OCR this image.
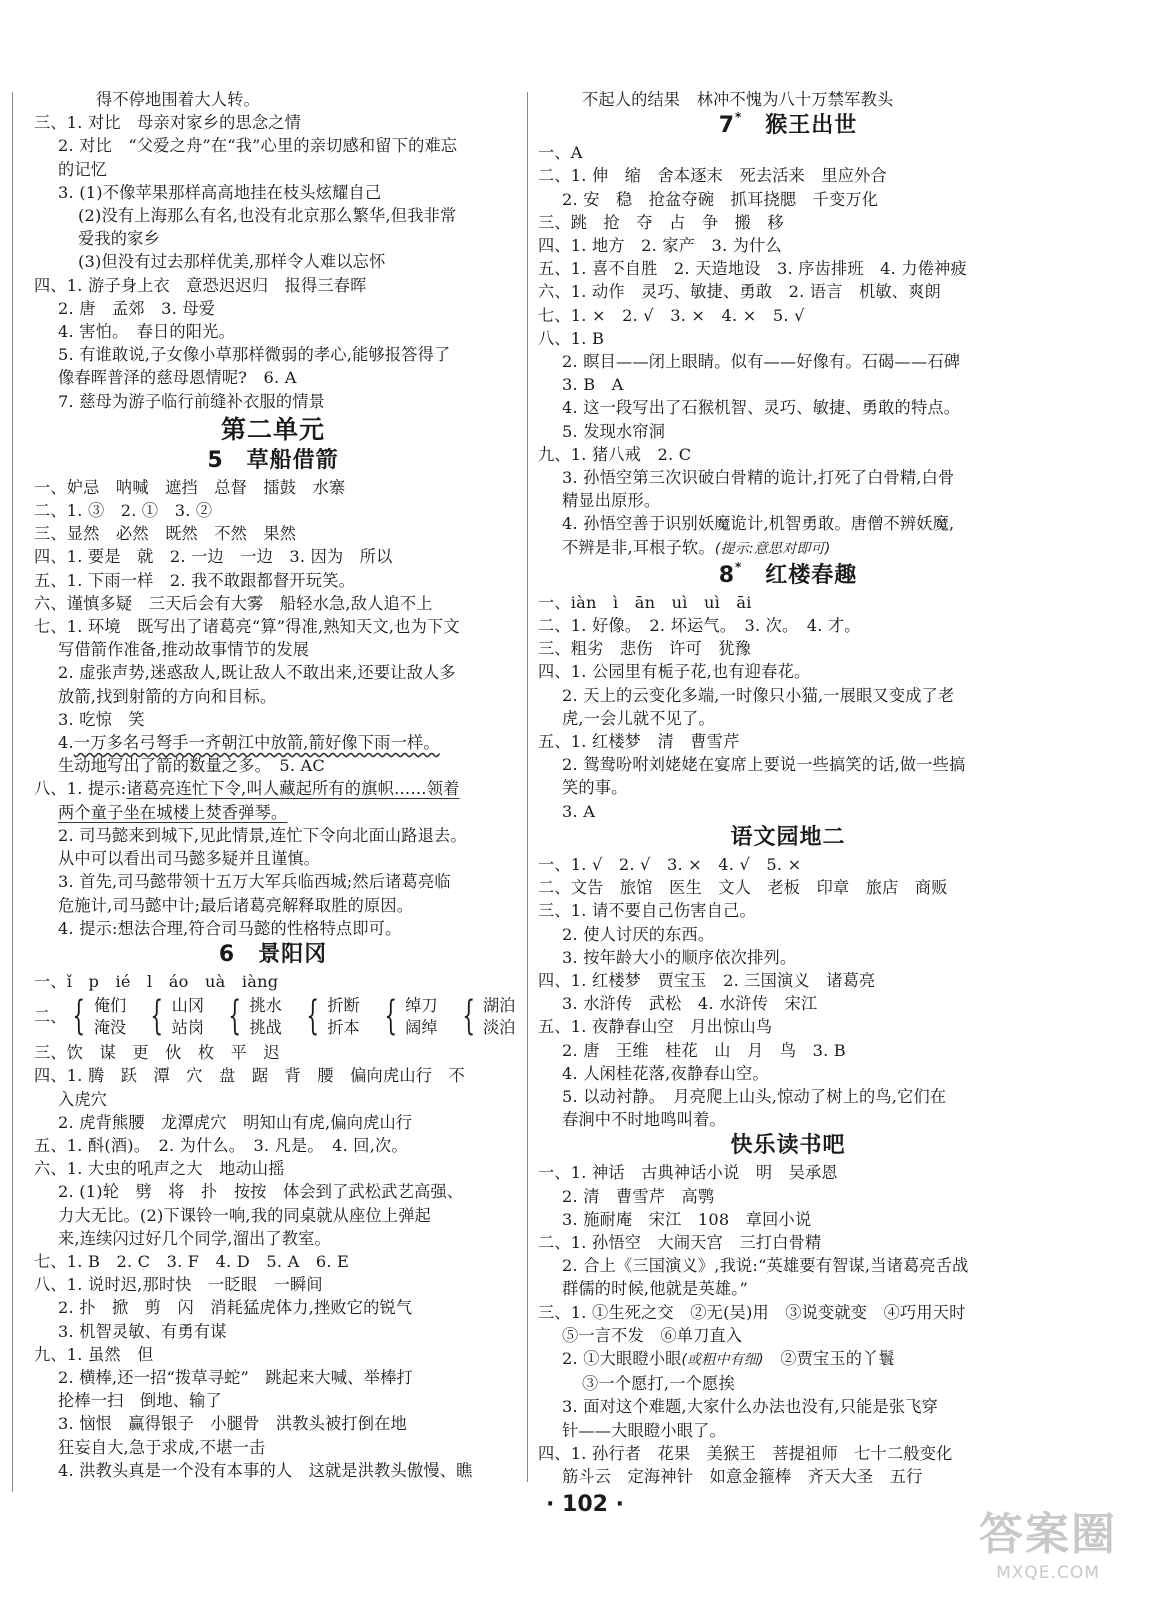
得不停地围着大人转。
三、1. 对比　母亲对家乡的思念之情
2. 对比　“父爱之舟”在“我”心里的亲切感和留下的难忘
的记忆
3. (1)不像苹果那样高高地挂在枝头炫耀自己
(2)没有上海那么有名,也没有北京那么繁华,但我非常
爱我的家乡
(3)但没有过去那样优美,那样令人难以忘怀
四、1. 游子身上衣　意恐迟迟归　报得三春晖
2. 唐　孟郊　3. 母爱
4. 害怕。　春日的阳光。
5. 有谁敢说,子女像小草那样微弱的孝心,能够报答得了
像春晖普泽的慈母恩情呢?　6. A
7. 慈母为游子临行前缝补衣服的情景
第二单元
5　草船借箭
一、妒忌　呐喊　遮挡　总督　擂鼓　水寨
二、1. ③　2. ①　3. ②
三、显然　必然　既然　不然　果然
四、1. 要是　就　2. 一边　一边　3. 因为　所以
五、1. 下雨一样　2. 我不敢跟都督开玩笑。
六、谨慎多疑　三天后会有大雾　船轻水急,敌人追不上
七、1. 环境　既写出了诸葛亮“算”得准,熟知天文,也为下文
写借箭作准备,推动故事情节的发展
2. 虚张声势,迷惑敌人,既让敌人不敢出来,还要让敌人多
放箭,找到射箭的方向和目标。
3. 吃惊　笑
4.一万多名弓弩手一齐朝江中放箭,箭好像下雨一样。
生动地写出了箭的数量之多。　5. AC
八、1. 提示:诸葛亮连忙下令,叫人藏起所有的旗帜……领着
两个童子坐在城楼上焚香弹琴。
2. 司马懿来到城下,见此情景,连忙下令向北面山路退去。
从中可以看出司马懿多疑并且谨慎。
3. 首先,司马懿带领十五万大军兵临西城;然后诸葛亮临
危施计,司马懿中计;最后诸葛亮解释取胜的原因。
4. 提示:想法合理,符合司马懿的性格特点即可。
6　景阳冈
一、ǐ　p　ié　l　áo　uà　iàng
二、 { 俺们
淹没 { 山冈
站岗 { 挑水
挑战 { 折断
折本 { 绰刀
阔绰 { 湖泊
淡泊
三、饮　谋　更　伙　枚　平　迟
四、1. 腾　跃　潭　穴　盘　踞　背　腰　偏向虎山行　不
入虎穴
2. 虎背熊腰　龙潭虎穴　明知山有虎,偏向虎山行
五、1. 酙(酒)。　2. 为什么。　3. 凡是。　4. 回,次。
六、1. 大虫的吼声之大　地动山摇
2. (1)轮　劈　将　扑　按按　体会到了武松武艺高强、
力大无比。(2)下课铃一响,我的同桌就从座位上弹起
来,连续闪过好几个同学,溜出了教室。
七、1. B　2. C　3. F　4. D　5. A　6. E
八、1. 说时迟,那时快　一眨眼　一瞬间
2. 扑　掀　剪　闪　消耗猛虎体力,挫败它的锐气
3. 机智灵敏、有勇有谋
九、1. 虽然　但
2. 横棒,还一招“拨草寻蛇”　跳起来大喊、举棒打
抡棒一扫　倒地、输了
3. 恼恨　赢得银子　小腿骨　洪教头被打倒在地
狂妄自大,急于求成,不堪一击
4. 洪教头真是一个没有本事的人　这就是洪教头傲慢、瞧
不起人的结果　林冲不愧为八十万禁军教头
7*　 猴王出世
一、A
二、1. 伸　缩　舍本逐末　死去活来　里应外合
2. 安　稳　抢盆夺碗　抓耳挠腮　千变万化
三、跳　抢　夺　占　争　搬　移
四、1. 地方　2. 家产　3. 为什么
五、1. 喜不自胜　2. 天造地设　3. 序齿排班　4. 力倦神疲
六、1. 动作　灵巧、敏捷、勇敢　2. 语言　机敏、爽朗
七、1. ×　2. √　3. ×　4. ×　5. √
八、1. B
2. 瞑目——闭上眼睛。似有——好像有。石碣——石碑
3. B　A
4. 这一段写出了石猴机智、灵巧、敏捷、勇敢的特点。
5. 发现水帘洞
九、1. 猪八戒　2. C
3. 孙悟空第三次识破白骨精的诡计,打死了白骨精,白骨
精显出原形。
4. 孙悟空善于识别妖魔诡计,机智勇敢。唐僧不辨妖魔,
不辨是非,耳根子软。(提示:意思对即可)
8*　 红楼春趣
一、iàn　ì　ān　uì　uì　āi
二、1. 好像。　2. 坏运气。　3. 次。　4. 才。
三、粗劣　悲伤　许可　犹豫
四、1. 公园里有栀子花,也有迎春花。
2. 天上的云变化多端,一时像只小猫,一展眼又变成了老
虎,一会儿就不见了。
五、1. 红楼梦　清　曹雪芹
2. 鸳鸯吩咐刘姥姥在宴席上要说一些搞笑的话,做一些搞
笑的事。
3. A
语文园地二
一、1. √　2. √　3. ×　4. √　5. ×
二、文告　旅馆　医生　文人　老板　印章　旅店　商贩
三、1. 请不要自己伤害自己。
2. 使人讨厌的东西。
3. 按年龄大小的顺序依次排列。
四、1. 红楼梦　贾宝玉　2. 三国演义　诸葛亮
3. 水浒传　武松　4. 水浒传　宋江
五、1. 夜静春山空　月出惊山鸟
2. 唐　王维　桂花　山　月　鸟　3. B
4. 人闲桂花落,夜静春山空。
5. 以动衬静。　月亮爬上山头,惊动了树上的鸟,它们在
春涧中不时地鸣叫着。
快乐读书吧
一、1. 神话　古典神话小说　明　吴承恩
2. 清　曹雪芹　高鹗
3. 施耐庵　宋江　108　章回小说
二、1. 孙悟空　大闹天宫　三打白骨精
2. 合上《三国演义》,我说:“英雄要有智谋,当诸葛亮舌战
群儒的时候,他就是英雄。”
三、1. ①生死之交　②无(吴)用　③说变就变　④巧用天时
⑤一言不发　⑥单刀直入
2. ①大眼瞪小眼(或粗中有细)　②贾宝玉的丫鬟
③一个愿打,一个愿挨
3. 面对这个难题,大家什么办法也没有,只能是张飞穿
针——大眼瞪小眼了。
四、1. 孙行者　花果　美猴王　菩提祖师　七十二般变化
筋斗云　定海神针　如意金箍棒　齐天大圣　五行
· 102 ·
答案圈
MXQE.COM
